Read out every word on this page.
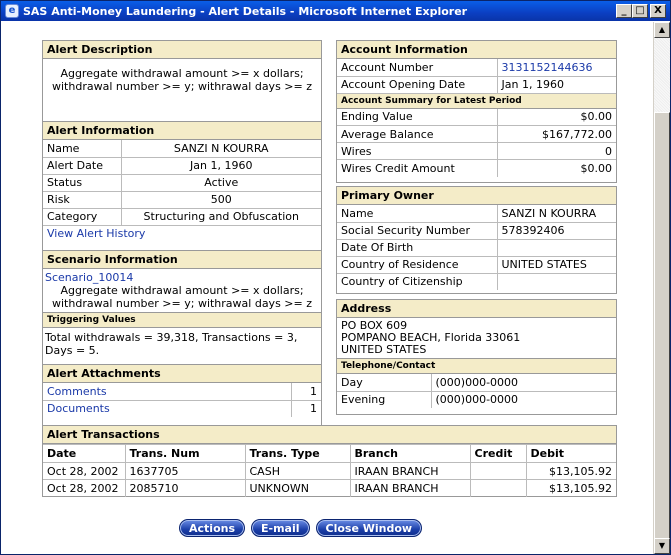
e SAS Anti-Money Laundering - Alert Details - Microsoft Internet Explorer	_ □ X
Alert Description
Aggregate withdrawal amount >= x dollars; withdrawal number >= y; withrawal days >= z
Alert Information
Name	SANZI N KOURRA
Alert Date	Jan 1, 1960
Status	Active
Risk	500
Category	Structuring and Obfuscation
View Alert History	
Scenario Information
Scenario_10014
Aggregate withdrawal amount >= x dollars; withdrawal number >= y; withrawal days >= z
Triggering Values
Total withdrawals = 39,318, Transactions = 3, Days = 5.
Alert Attachments
Comments	1
Documents	1
Account Information
Account Number	3131152144636
Account Opening Date	Jan 1, 1960
Account Summary for Latest Period
Ending Value	$0.00
Average Balance	$167,772.00
Wires	0
Wires Credit Amount	$0.00
Primary Owner
Name	SANZI N KOURRA
Social Security Number	578392406
Date Of Birth	
Country of Residence	UNITED STATES
Country of Citizenship	
Address
PO BOX 609
POMPANO BEACH, Florida 33061
UNITED STATES
Telephone/Contact
Day	(000)000-0000
Evening	(000)000-0000
Alert Transactions
Date	Trans. Num	Trans. Type	Branch	Credit	Debit
Oct 28, 2002	1637705	CASH	IRAAN BRANCH		$13,105.92
Oct 28, 2002	2085710	UNKNOWN	IRAAN BRANCH		$13,105.92
Actions	E-mail	Close Window
▲
▼
